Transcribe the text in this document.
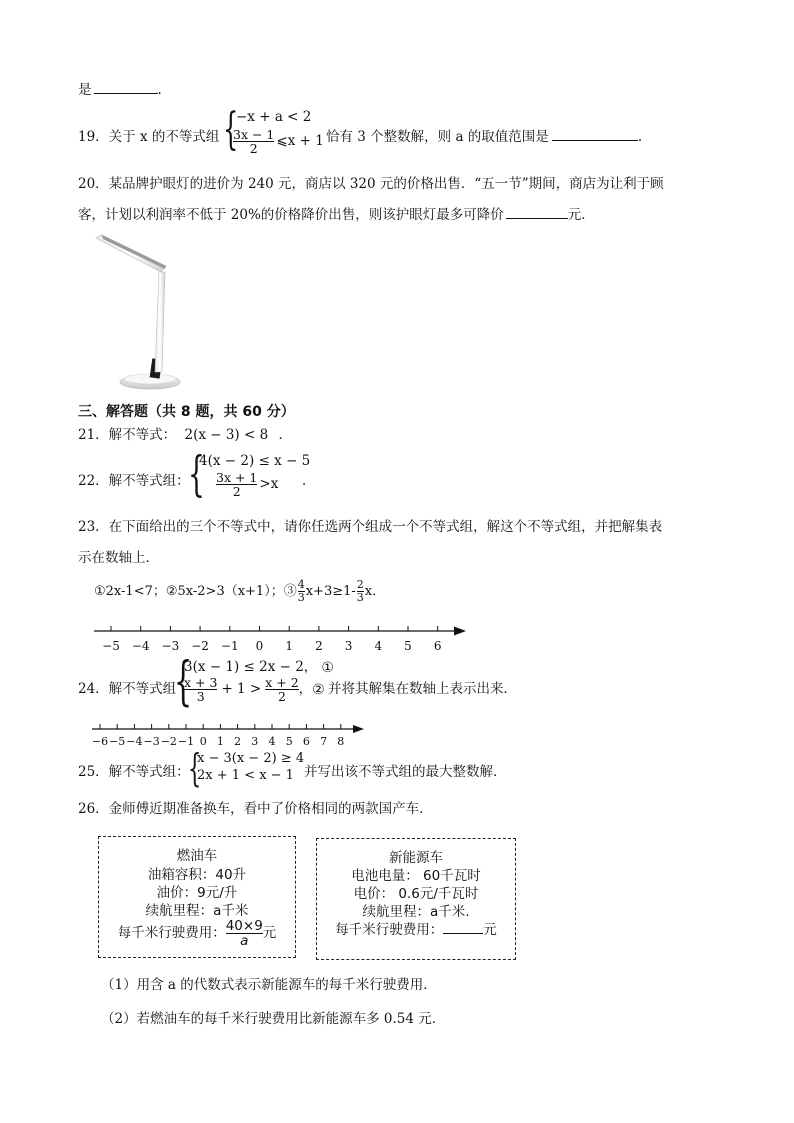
是	.
19．关于 x 的不等式组 {
−x + a < 2
$\frac{3x - 1}{2}$ ⩽x + 1 恰有 3 个整数解，则 a 的取值范围是	.
20．某品牌护眼灯的进价为 240 元，商店以 320 元的价格出售．“五一节”期间，商店为让利于顾
客，计划以利润率不低于 20%的价格降价出售，则该护眼灯最多可降价	元．
三、解答题（共 8 题，共 60 分）
21．解不等式： 2(x − 3) < 8 ．
22．解不等式组：
{
4(x − 2) ≤ x − 5
$\frac{3x + 1}{2} >x$ ．
23．在下面给出的三个不等式中，请你任选两个组成一个不等式组，解这个不等式组，并把解集表
示在数轴上．
①2x-1<7；②5x-2>3（x+1）；③ $\frac{4}{3} x+3\ge 1- \frac{2}{3}$ x．
−5 −4 −3 −2 −1 0 1 2 3 4 5 6
24．解不等式组
{
3(x − 1) ≤ 2x − 2， ①
$\frac{x + 3}{3} + 1 > \frac{x + 2}{2}$ ， ② 并将其解集在数轴上表示出来．
−6 −5 −4 −3 −2 −1 0 1 2 3 4 5 6 7 8
25．解不等式组：
{
x − 3(x − 2) ≥ 4
2x + 1 < x − 1 并写出该不等式组的最大整数解．
26．金师傅近期准备换车，看中了价格相同的两款国产车．
燃油车
油箱容积：40升
油价：9元/升
续航里程：a千米
每千米行驶费用： $\frac{40\times 9}{a}$ 元
新能源车
电池电量： 60千瓦时
电价： 0.6元/千瓦时
续航里程：a千米.
每千米行驶费用：	元
（1）用含 a 的代数式表示新能源车的每千米行驶费用．
（2）若燃油车的每千米行驶费用比新能源车多 0.54 元．
